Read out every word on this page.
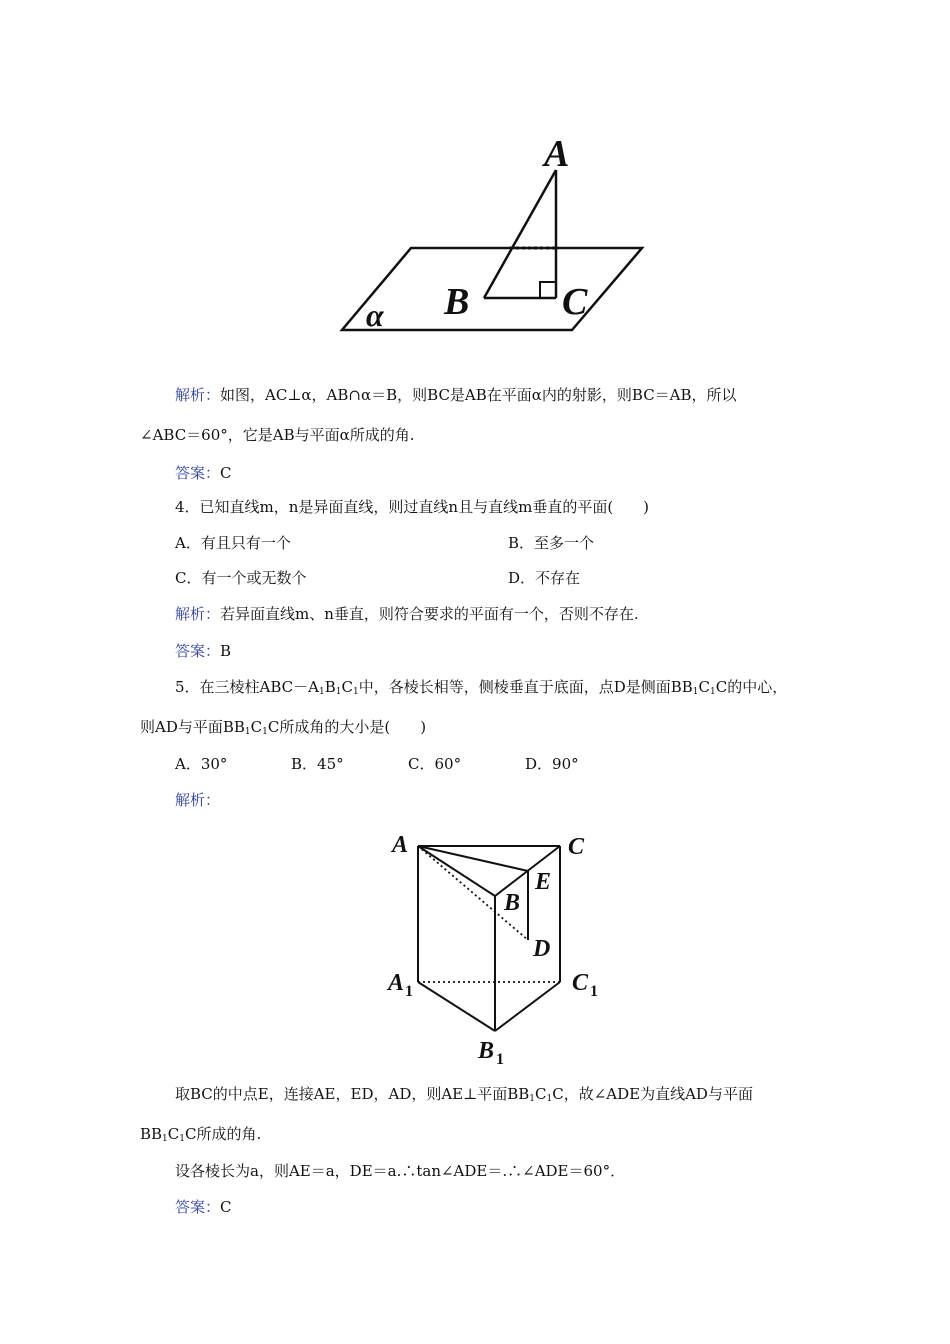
A
B C
α
解析：如图，AC⊥α，AB∩α＝B，则BC是AB在平面α内的射影，则BC＝AB，所以
∠ABC＝60°，它是AB与平面α所成的角.
答案：C
4．已知直线m，n是异面直线，则过直线n且与直线m垂直的平面(　　)
A．有且只有一个	B．至多一个
C．有一个或无数个	D．不存在
解析：若异面直线m、n垂直，则符合要求的平面有一个，否则不存在.
答案：B
5．在三棱柱$ABC-A_1B_1C_1$中，各棱长相等，侧棱垂直于底面，点D是侧面$BB_1C_1C$的中心，
则AD与平面$BB_1C_1C$所成角的大小是(　　)
A．30°	B．45°	C．60°	D．90°
解析：
A	C
E
B
D
A 1	C 1
B 1
取BC的中点E，连接AE，ED，AD，则AE⊥平面$BB_1C_1C$，故∠ADE为直线AD与平面
$BB_1C_1C$所成的角.
设各棱长为a，则AE＝a，DE＝a.∴tan∠ADE＝.∴∠ADE＝60°．
答案：C
